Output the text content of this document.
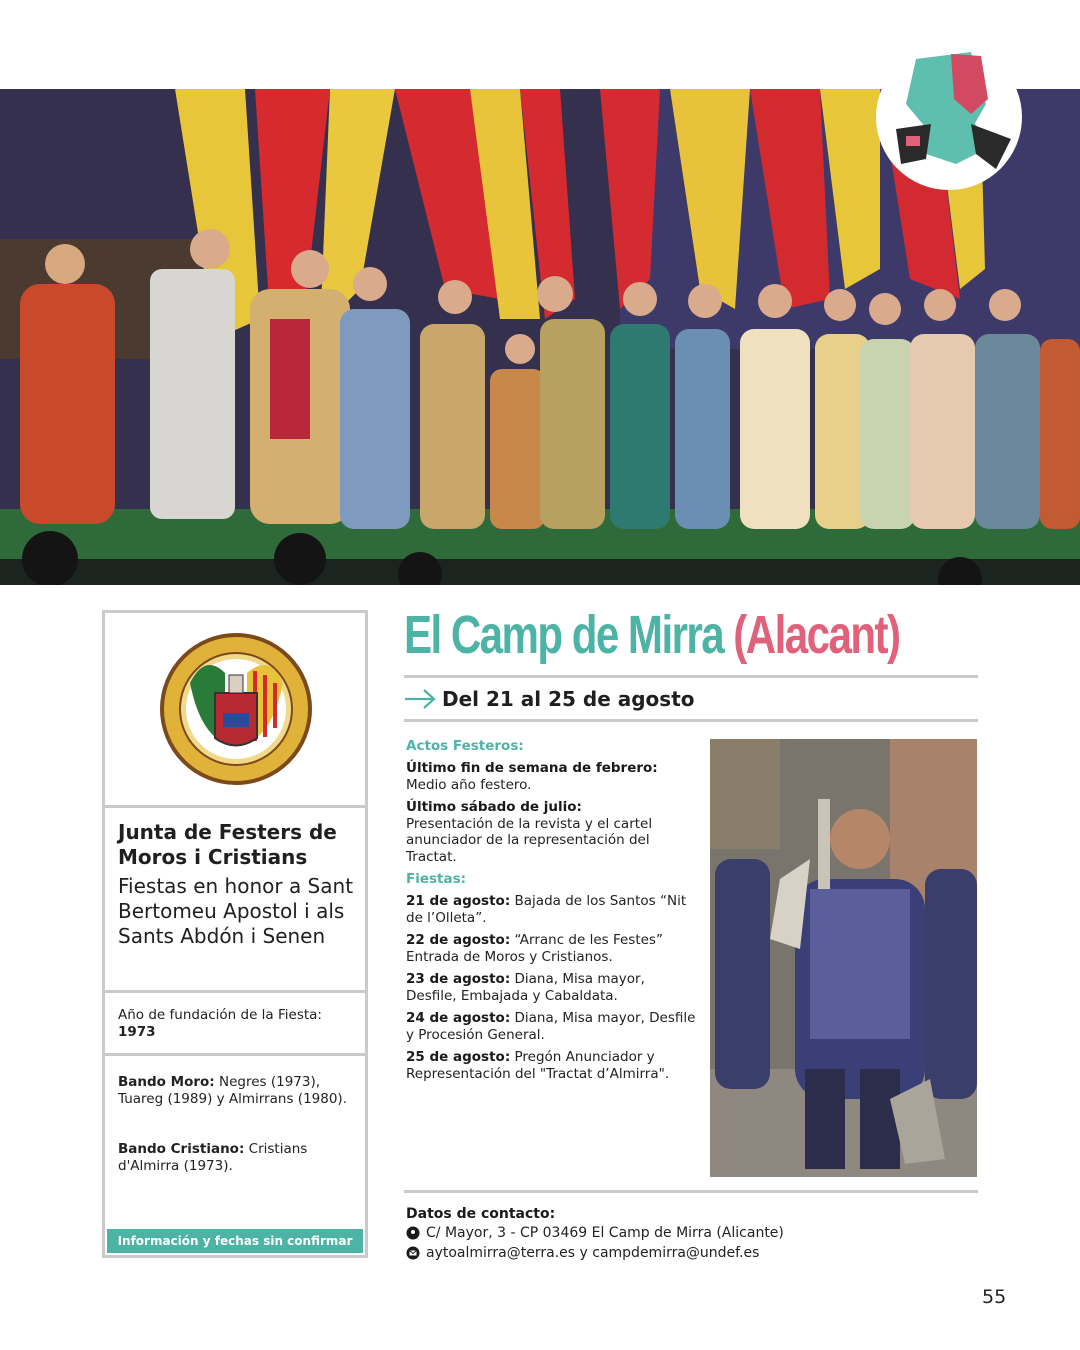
Junta de Festers de Moros i Cristians
Fiestas en honor a Sant Bertomeu Apostol i als Sants Abdón i Senen
Año de fundación de la Fiesta: 1973
Bando Moro: Negres (1973), Tuareg (1989) y Almirrans (1980).
Bando Cristiano: Cristians d'Almirra (1973).
Información y fechas sin confirmar
El Camp de Mirra (Alacant)
Del 21 al 25 de agosto
Actos Festeros:
Último fin de semana de febrero:
Medio año festero.
Último sábado de julio:
Presentación de la revista y el cartel anunciador de la representación del Tractat.
Fiestas:
21 de agosto: Bajada de los Santos “Nit de l’Olleta”.
22 de agosto: “Arranc de les Festes” Entrada de Moros y Cristianos.
23 de agosto: Diana, Misa mayor, Desfile, Embajada y Cabaldata.
24 de agosto: Diana, Misa mayor, Desfile y Procesión General.
25 de agosto: Pregón Anunciador y Representación del "Tractat d’Almirra".
Datos de contacto:
C/ Mayor, 3 - CP 03469 El Camp de Mirra (Alicante)
aytoalmirra@terra.es y campdemirra@undef.es
55
